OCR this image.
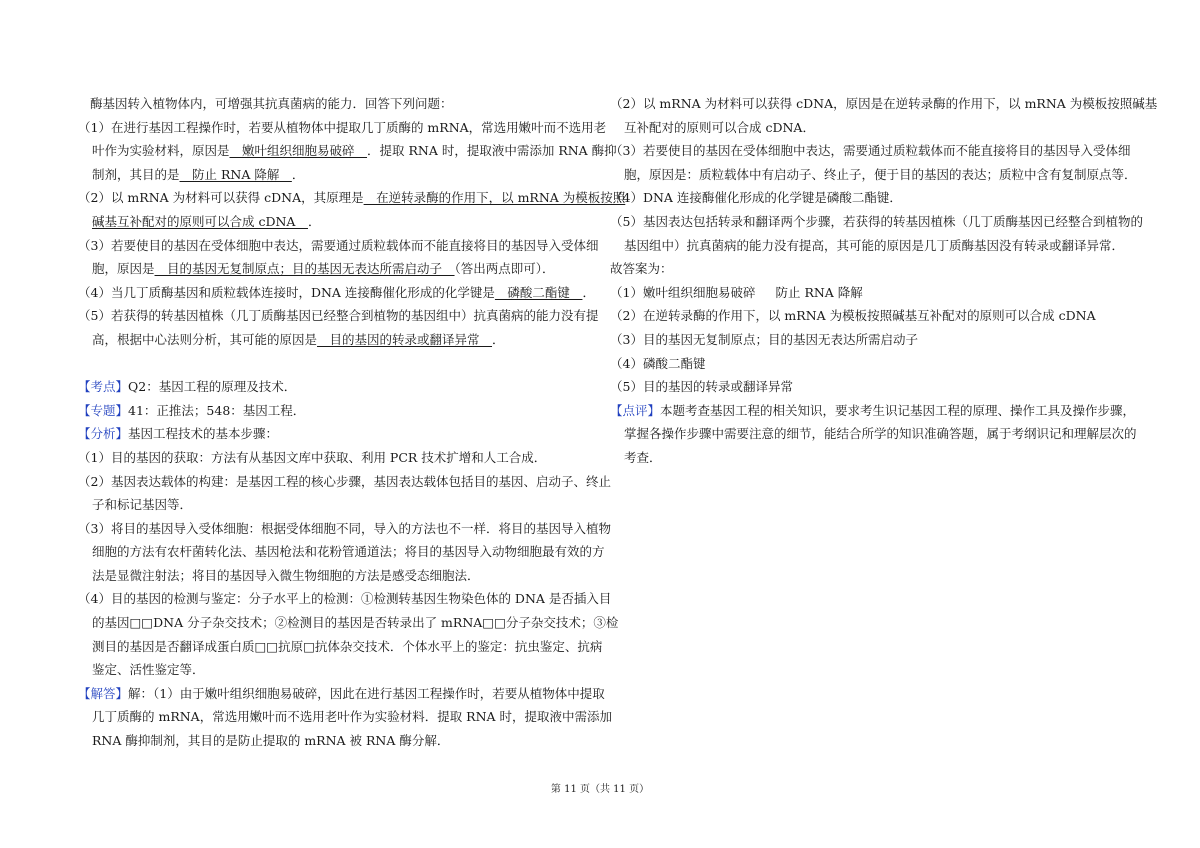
酶基因转入植物体内，可增强其抗真菌病的能力．回答下列问题：
（1）在进行基因工程操作时，若要从植物体中提取几丁质酶的 mRNA，常选用嫩叶而不选用老
叶作为实验材料，原因是　嫩叶组织细胞易破碎　．提取 RNA 时，提取液中需添加 RNA 酶抑
制剂，其目的是　防止 RNA 降解　．
（2）以 mRNA 为材料可以获得 cDNA，其原理是　在逆转录酶的作用下，以 mRNA 为模板按照
碱基互补配对的原则可以合成 cDNA　．
（3）若要使目的基因在受体细胞中表达，需要通过质粒载体而不能直接将目的基因导入受体细
胞，原因是　目的基因无复制原点；目的基因无表达所需启动子　（答出两点即可）．
（4）当几丁质酶基因和质粒载体连接时，DNA 连接酶催化形成的化学键是　磷酸二酯键　．
（5）若获得的转基因植株（几丁质酶基因已经整合到植物的基因组中）抗真菌病的能力没有提
高，根据中心法则分析，其可能的原因是　目的基因的转录或翻译异常　．
【考点】Q2：基因工程的原理及技术．
【专题】41：正推法；548：基因工程．
【分析】基因工程技术的基本步骤：
（1）目的基因的获取：方法有从基因文库中获取、利用 PCR 技术扩增和人工合成．
（2）基因表达载体的构建：是基因工程的核心步骤，基因表达载体包括目的基因、启动子、终止
子和标记基因等．
（3）将目的基因导入受体细胞：根据受体细胞不同，导入的方法也不一样．将目的基因导入植物
细胞的方法有农杆菌转化法、基因枪法和花粉管通道法；将目的基因导入动物细胞最有效的方
法是显微注射法；将目的基因导入微生物细胞的方法是感受态细胞法．
（4）目的基因的检测与鉴定：分子水平上的检测：①检测转基因生物染色体的 DNA 是否插入目
的基因□□DNA 分子杂交技术；②检测目的基因是否转录出了 mRNA□□分子杂交技术；③检
测目的基因是否翻译成蛋白质□□抗原□抗体杂交技术．个体水平上的鉴定：抗虫鉴定、抗病
鉴定、活性鉴定等．
【解答】解：（1）由于嫩叶组织细胞易破碎，因此在进行基因工程操作时，若要从植物体中提取
几丁质酶的 mRNA，常选用嫩叶而不选用老叶作为实验材料．提取 RNA 时，提取液中需添加
RNA 酶抑制剂，其目的是防止提取的 mRNA 被 RNA 酶分解．
（2）以 mRNA 为材料可以获得 cDNA，原因是在逆转录酶的作用下，以 mRNA 为模板按照碱基
互补配对的原则可以合成 cDNA．
（3）若要使目的基因在受体细胞中表达，需要通过质粒载体而不能直接将目的基因导入受体细
胞，原因是：质粒载体中有启动子、终止子，便于目的基因的表达；质粒中含有复制原点等．
（4）DNA 连接酶催化形成的化学键是磷酸二酯键．
（5）基因表达包括转录和翻译两个步骤，若获得的转基因植株（几丁质酶基因已经整合到植物的
基因组中）抗真菌病的能力没有提高，其可能的原因是几丁质酶基因没有转录或翻译异常．
故答案为：
（1）嫩叶组织细胞易破碎 防止 RNA 降解
（2）在逆转录酶的作用下，以 mRNA 为模板按照碱基互补配对的原则可以合成 cDNA
（3）目的基因无复制原点；目的基因无表达所需启动子
（4）磷酸二酯键
（5）目的基因的转录或翻译异常
【点评】本题考查基因工程的相关知识，要求考生识记基因工程的原理、操作工具及操作步骤，
掌握各操作步骤中需要注意的细节，能结合所学的知识准确答题，属于考纲识记和理解层次的
考查．
第 11 页（共 11 页）
